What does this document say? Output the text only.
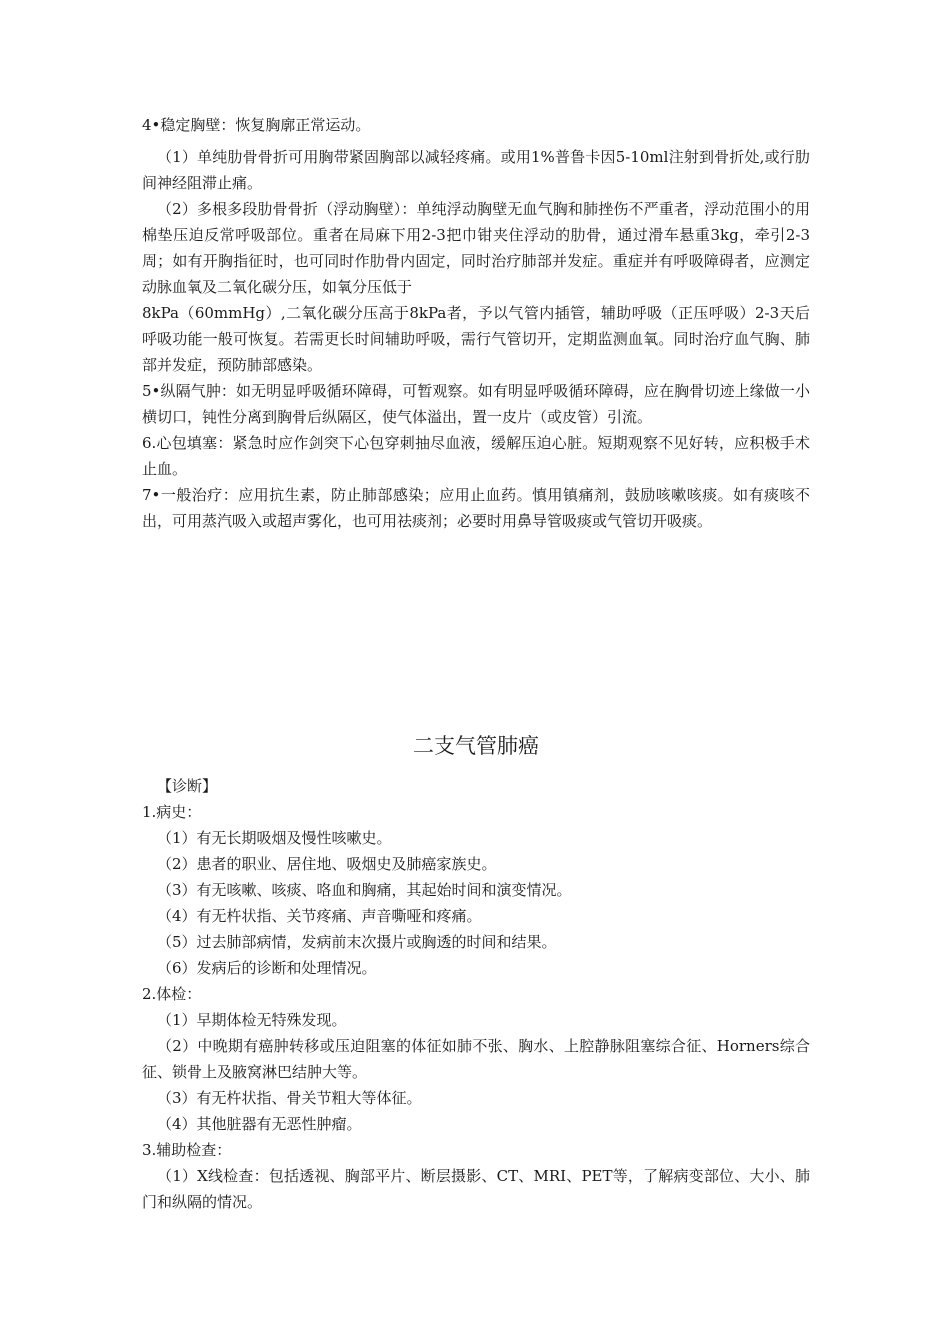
4•稳定胸壁：恢复胸廓正常运动。

（1）单纯肋骨骨折可用胸带紧固胸部以减轻疼痛。或用1%普鲁卡因5-10ml注射到骨折处,或行肋间神经阻滞止痛。

（2）多根多段肋骨骨折（浮动胸壁）：单纯浮动胸壁无血气胸和肺挫伤不严重者，浮动范围小的用棉垫压迫反常呼吸部位。重者在局麻下用2-3把巾钳夹住浮动的肋骨，通过滑车悬重3kg，牵引2-3周；如有开胸指征时，也可同时作肋骨内固定，同时治疗肺部并发症。重症并有呼吸障碍者，应测定动脉血氧及二氧化碳分压，如氧分压低于

8kPa（60mmHg）,二氧化碳分压高于8kPa者，予以气管内插管，辅助呼吸（正压呼吸）2-3天后呼吸功能一般可恢复。若需更长时间辅助呼吸，需行气管切开，定期监测血氧。同时治疗血气胸、肺部并发症，预防肺部感染。

5•纵隔气肿：如无明显呼吸循环障碍，可暂观察。如有明显呼吸循环障碍，应在胸骨切迹上缘做一小横切口，钝性分离到胸骨后纵隔区，使气体溢出，置一皮片（或皮管）引流。

6.心包填塞：紧急时应作剑突下心包穿刺抽尽血液，缓解压迫心脏。短期观察不见好转，应积极手术止血。

7•一般治疗：应用抗生素，防止肺部感染；应用止血药。慎用镇痛剂，鼓励咳嗽咳痰。如有痰咳不出，可用蒸汽吸入或超声雾化，也可用祛痰剂；必要时用鼻导管吸痰或气管切开吸痰。

二支气管肺癌

【诊断】

1.病史：

（1）有无长期吸烟及慢性咳嗽史。

（2）患者的职业、居住地、吸烟史及肺癌家族史。

（3）有无咳嗽、咳痰、咯血和胸痛，其起始时间和演变情况。

（4）有无杵状指、关节疼痛、声音嘶哑和疼痛。

（5）过去肺部病情，发病前末次摄片或胸透的时间和结果。

（6）发病后的诊断和处理情况。

2.体检：

（1）早期体检无特殊发现。

（2）中晚期有癌肿转移或压迫阻塞的体征如肺不张、胸水、上腔静脉阻塞综合征、Horners综合征、锁骨上及腋窝淋巴结肿大等。

（3）有无杵状指、骨关节粗大等体征。

（4）其他脏器有无恶性肿瘤。

3.辅助检查：

（1）X线检查：包括透视、胸部平片、断层摄影、CT、MRI、PET等，了解病变部位、大小、肺门和纵隔的情况。
